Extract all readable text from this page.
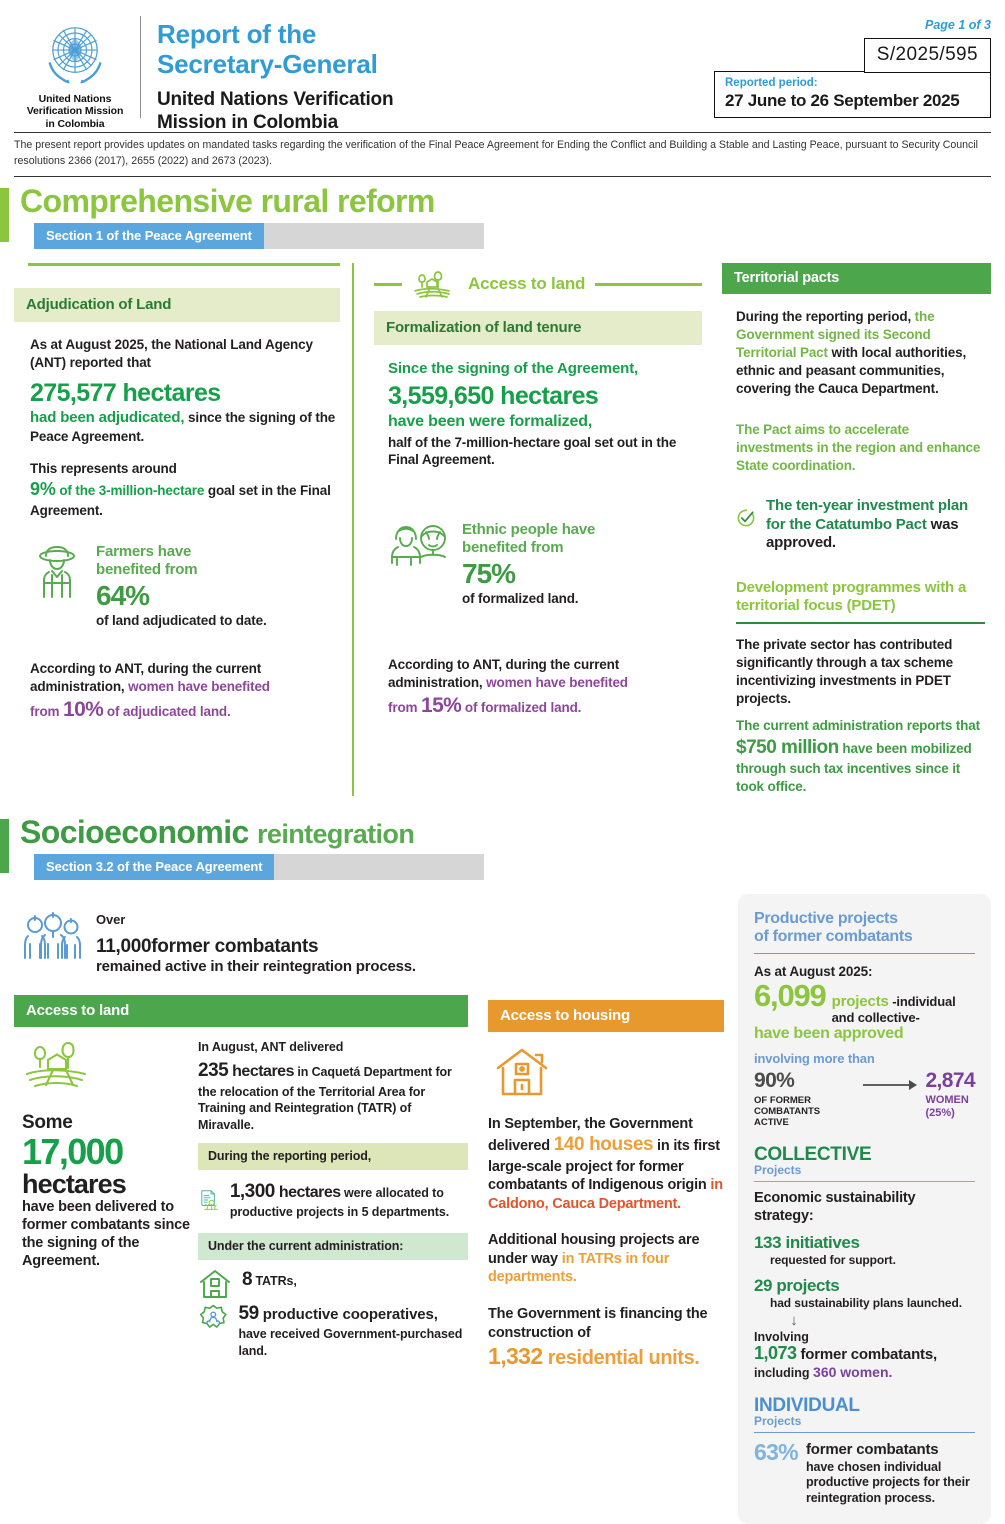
United Nations
Verification Mission
in Colombia
Report of the
Secretary-General
United Nations Verification
Mission in Colombia
Page 1 of 3
S/2025/595
Reported period:
27 June to 26 September 2025
The present report provides updates on mandated tasks regarding the verification of the Final Peace Agreement for Ending the Conflict and Building a Stable and Lasting Peace, pursuant to Security Council resolutions 2366 (2017), 2655 (2022) and 2673 (2023).
Comprehensive rural reform
Section 1 of the Peace Agreement
Adjudication of Land
As at August 2025, the National Land Agency (ANT) reported that
275,577 hectares
had been adjudicated, since the signing of the Peace Agreement.
This represents around
9% of the 3-million-hectare goal set in the Final Agreement.
Farmers have benefited from
64%
of land adjudicated to date.
According to ANT, during the current administration, women have benefited
from 10% of adjudicated land.
Access to land
Formalization of land tenure
Since the signing of the Agreement,
3,559,650 hectares
have been were formalized,
half of the 7-million-hectare goal set out in the Final Agreement.
Ethnic people have benefited from
75%
of formalized land.
According to ANT, during the current administration, women have benefited
from 15% of formalized land.
Territorial pacts
During the reporting period, the Government signed its Second Territorial Pact with local authorities, ethnic and peasant communities, covering the Cauca Department.
The Pact aims to accelerate investments in the region and enhance State coordination.
The ten-year investment plan for the Catatumbo Pact was approved.
Development programmes with a territorial focus (PDET)
The private sector has contributed significantly through a tax scheme incentivizing investments in PDET projects.
The current administration reports that $750 million have been mobilized through such tax incentives since it took office.
Socioeconomic reintegration
Section 3.2 of the Peace Agreement
Over
11,000former combatants
remained active in their reintegration process.
Access to land
Some
17,000
hectares
have been delivered to former combatants since the signing of the Agreement.
In August, ANT delivered
235 hectares in Caquetá Department for the relocation of the Territorial Area for Training and Reintegration (TATR) of Miravalle.
During the reporting period,
1,300 hectares were allocated to productive projects in 5 departments.
Under the current administration:
8 TATRs,
59 productive cooperatives,
have received Government-purchased land.
Access to housing

In September, the Government delivered 140 houses in its first large-scale project for former combatants of Indigenous origin in Caldono, Cauca Department.

Additional housing projects are under way in TATRs in four departments.

The Government is financing the construction of
1,332 residential units.

Productive projects
of former combatants
As at August 2025:
6,099 projects -individual and collective-
have been approved
involving more than
90%
OF FORMER COMBATANTS ACTIVE
2,874
WOMEN (25%)
COLLECTIVE
Projects
Economic sustainability strategy:
133 initiatives
requested for support.
29 projects
had sustainability plans launched.
↓
Involving
1,073 former combatants,
including 360 women.
INDIVIDUAL
Projects
63% former combatants
have chosen individual productive projects for their reintegration process.
